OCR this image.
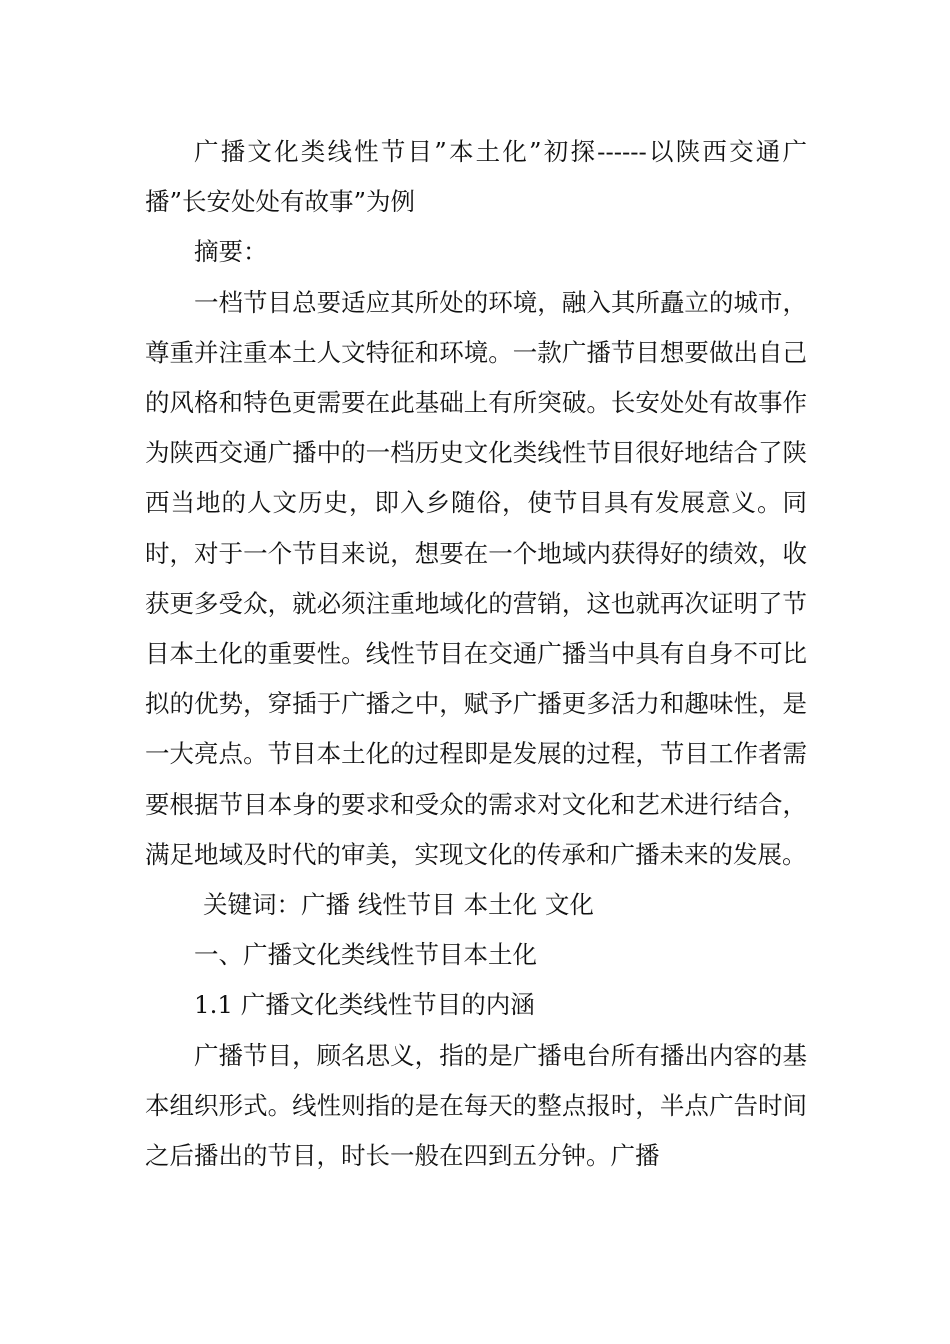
广播文化类线性节目”本土化”初探------以陕西交通广播”长安处处有故事”为例

摘要：

一档节目总要适应其所处的环境，融入其所矗立的城市，尊重并注重本土人文特征和环境。一款广播节目想要做出自己的风格和特色更需要在此基础上有所突破。长安处处有故事作为陕西交通广播中的一档历史文化类线性节目很好地结合了陕西当地的人文历史，即入乡随俗，使节目具有发展意义。同时，对于一个节目来说，想要在一个地域内获得好的绩效，收获更多受众，就必须注重地域化的营销，这也就再次证明了节目本土化的重要性。线性节目在交通广播当中具有自身不可比拟的优势，穿插于广播之中，赋予广播更多活力和趣味性，是一大亮点。节目本土化的过程即是发展的过程，节目工作者需要根据节目本身的要求和受众的需求对文化和艺术进行结合，满足地域及时代的审美，实现文化的传承和广播未来的发展。

关键词：广播 线性节目 本土化 文化

一、广播文化类线性节目本土化

1.1 广播文化类线性节目的内涵

广播节目，顾名思义，指的是广播电台所有播出内容的基本组织形式。线性则指的是在每天的整点报时，半点广告时间之后播出的节目，时长一般在四到五分钟。广播
